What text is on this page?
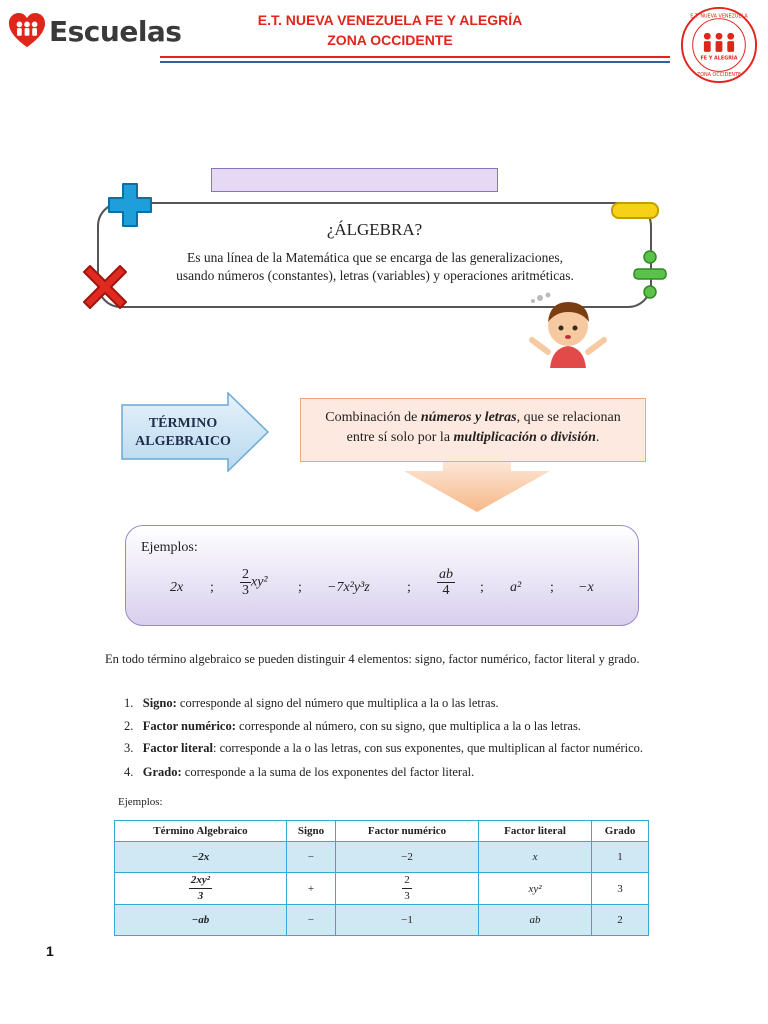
Escuelas	E.T. NUEVA VENEZUELA FE Y ALEGRÍA
ZONA OCCIDENTE
E.T. NUEVA VENEZUELA
FE Y ALEGRÍA
ZONA OCCIDENTE
¿ÁLGEBRA?
Es una línea de la Matemática que se encarga de las generalizaciones,
usando números (constantes), letras (variables) y operaciones aritméticas.
TÉRMINO
ALGEBRAICO
Combinación de números y letras, que se relacionan
entre sí solo por la multiplicación o división.
Ejemplos:
2x ; $\frac{2}{3} xy^2$ ; −7x²y³z	; $\frac{ab}{4}$ ; a² ; −x
En todo término algebraico se pueden distinguir 4 elementos: signo, factor numérico, factor literal y grado.
1. Signo: corresponde al signo del número que multiplica a la o las letras.
2. Factor numérico: corresponde al número, con su signo, que multiplica a la o las letras.
3. Factor literal: corresponde a la o las letras, con sus exponentes, que multiplican al factor numérico.
4. Grado: corresponde a la suma de los exponentes del factor literal.
Ejemplos:
Término Algebraico	Signo	Factor numérico	Factor literal	Grado
−2x	−	−2	x	1

$\frac{\text{2xy²}}{3}$	+	$\frac{2}{3}$	xy²	3
−ab	−	−1	ab	2
1
